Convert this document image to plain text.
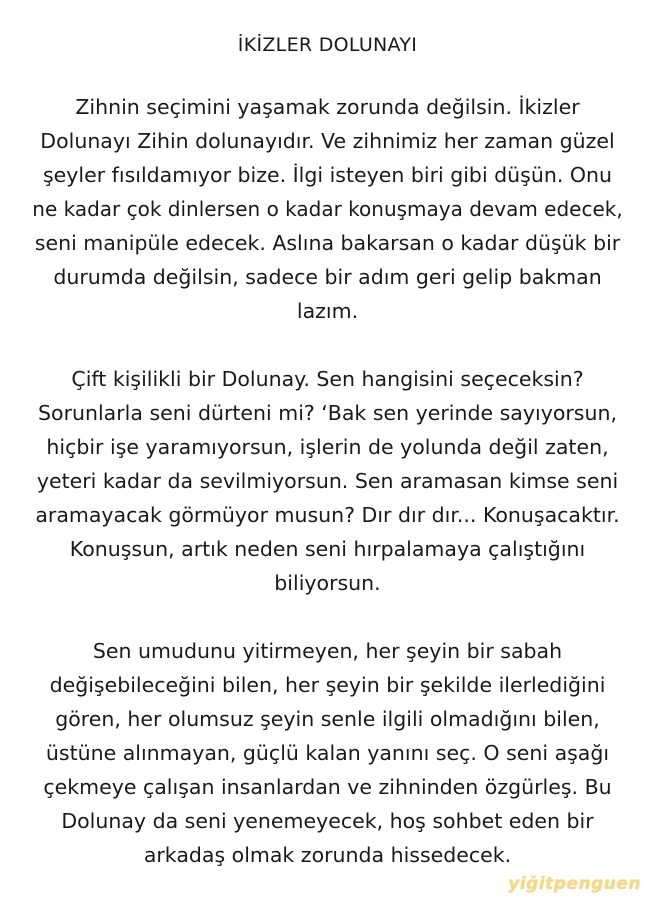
İKİZLER DOLUNAYI
Zihnin seçimini yaşamak zorunda değilsin. İkizler
Dolunayı Zihin dolunayıdır. Ve zihnimiz her zaman güzel
şeyler fısıldamıyor bize. İlgi isteyen biri gibi düşün. Onu
ne kadar çok dinlersen o kadar konuşmaya devam edecek,
seni manipüle edecek. Aslına bakarsan o kadar düşük bir
durumda değilsin, sadece bir adım geri gelip bakman
lazım.
Çift kişilikli bir Dolunay. Sen hangisini seçeceksin?
Sorunlarla seni dürteni mi? ‘Bak sen yerinde sayıyorsun,
hiçbir işe yaramıyorsun, işlerin de yolunda değil zaten,
yeteri kadar da sevilmiyorsun. Sen aramasan kimse seni
aramayacak görmüyor musun? Dır dır dır... Konuşacaktır.
Konuşsun, artık neden seni hırpalamaya çalıştığını
biliyorsun.
Sen umudunu yitirmeyen, her şeyin bir sabah
değişebileceğini bilen, her şeyin bir şekilde ilerlediğini
gören, her olumsuz şeyin senle ilgili olmadığını bilen,
üstüne alınmayan, güçlü kalan yanını seç. O seni aşağı
çekmeye çalışan insanlardan ve zihninden özgürleş. Bu
Dolunay da seni yenemeyecek, hoş sohbet eden bir
arkadaş olmak zorunda hissedecek.
yiğitpenguen
